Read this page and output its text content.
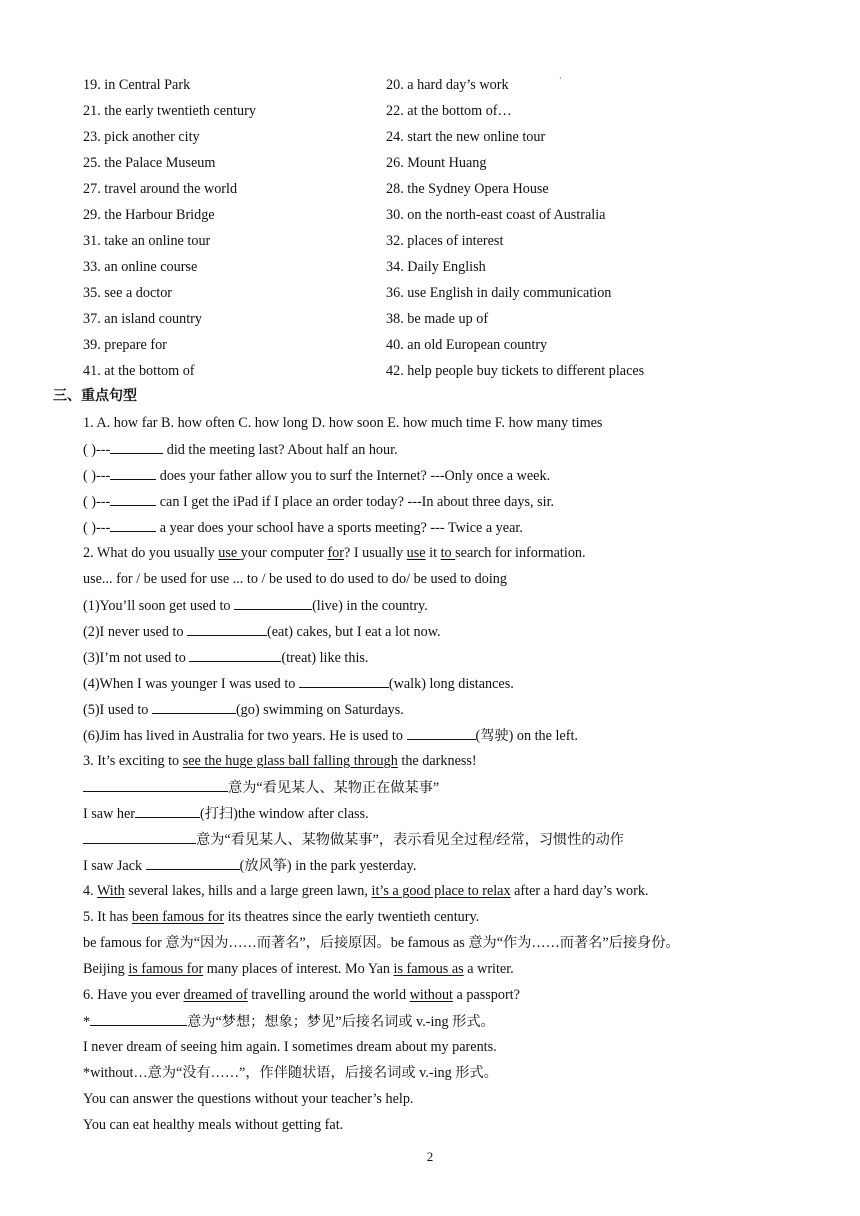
19. in Central Park	20. a hard day’s work
21. the early twentieth century	22. at the bottom of…
23. pick another city	24. start the new online tour
25. the Palace Museum	26. Mount Huang
27. travel around the world	28. the Sydney Opera House
29. the Harbour Bridge	30. on the north-east coast of Australia
31. take an online tour	32. places of interest
33. an online course	34. Daily English
35. see a doctor	36. use English in daily communication
37. an island country	38. be made up of
39. prepare for	40. an old European country
41. at the bottom of	42. help people buy tickets to different places
·
三、重点句型
1. A. how far B. how often C. how long D. how soon E. how much time F. how many times
( )---	did the meeting last? About half an hour.
( )---	does your father allow you to surf the Internet? ---Only once a week.
( )---	can I get the iPad if I place an order today? ---In about three days, sir.
( )---	a year does your school have a sports meeting? --- Twice a year.
2. What do you usually use your computer for? I usually use it to search for information.
use... for / be used for use ... to / be used to do used to do/ be used to doing
(1)You’ll soon get used to	(live) in the country.
(2)I never used to	(eat) cakes, but I eat a lot now.
(3)I’m not used to	(treat) like this.
(4)When I was younger I was used to	(walk) long distances.
(5)I used to	(go) swimming on Saturdays.
(6)Jim has lived in Australia for two years. He is used to	(驾驶) on the left.
3. It’s exciting to see the huge glass ball falling through the darkness!
意为“看见某人、某物正在做某事”
I saw her	(打扫)the window after class.
意为“看见某人、某物做某事”，表示看见全过程/经常，习惯性的动作
I saw Jack	(放风筝) in the park yesterday.
4. With several lakes, hills and a large green lawn, it’s a good place to relax after a hard day’s work.
5. It has been famous for its theatres since the early twentieth century.
be famous for 意为“因为……而著名”，后接原因。be famous as 意为“作为……而著名”后接身份。
Beijing is famous for many places of interest. Mo Yan is famous as a writer.
6. Have you ever dreamed of travelling around the world without a passport?
*	意为“梦想；想象；梦见”后接名词或 v.-ing 形式。
I never dream of seeing him again. I sometimes dream about my parents.
*without…意为“没有……”，作伴随状语，后接名词或 v.-ing 形式。
You can answer the questions without your teacher’s help.
You can eat healthy meals without getting fat.
2
